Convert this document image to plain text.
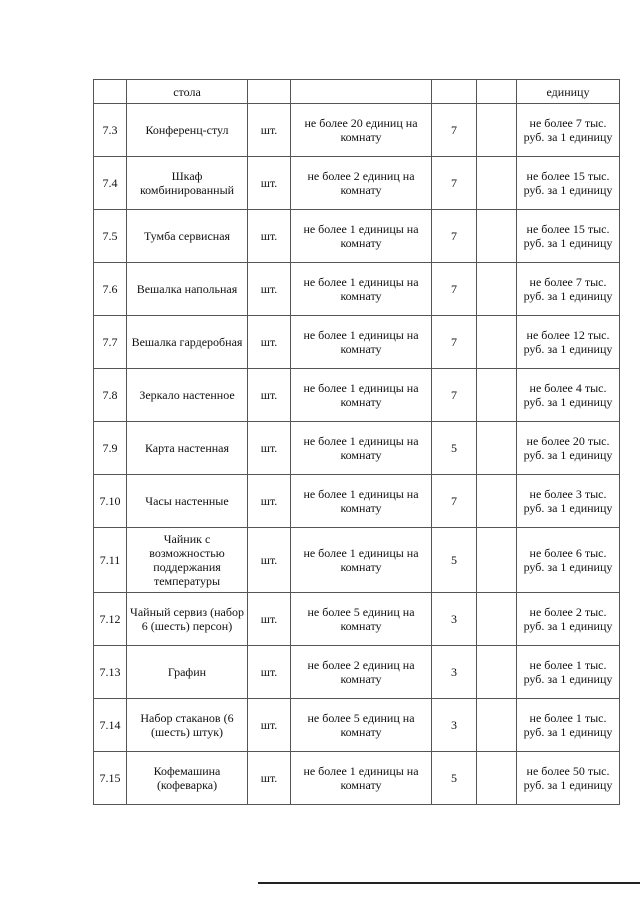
	стола					единицу
7.3	Конференц-стул	шт.	не более 20 единиц на комнату	7		не более 7 тыс. руб. за 1 единицу
7.4	Шкаф комбинированный	шт.	не более 2 единиц на комнату	7		не более 15 тыс. руб. за 1 единицу
7.5	Тумба сервисная	шт.	не более 1 единицы на комнату	7		не более 15 тыс. руб. за 1 единицу
7.6	Вешалка напольная	шт.	не более 1 единицы на комнату	7		не более 7 тыс. руб. за 1 единицу
7.7	Вешалка гардеробная	шт.	не более 1 единицы на комнату	7		не более 12 тыс. руб. за 1 единицу
7.8	Зеркало настенное	шт.	не более 1 единицы на комнату	7		не более 4 тыс. руб. за 1 единицу
7.9	Карта настенная	шт.	не более 1 единицы на комнату	5		не более 20 тыс. руб. за 1 единицу
7.10	Часы настенные	шт.	не более 1 единицы на комнату	7		не более 3 тыс. руб. за 1 единицу
7.11	Чайник с возможностью поддержания температуры	шт.	не более 1 единицы на комнату	5		не более 6 тыс. руб. за 1 единицу
7.12	Чайный сервиз (набор 6 (шесть) персон)	шт.	не более 5 единиц на комнату	3		не более 2 тыс. руб. за 1 единицу
7.13	Графин	шт.	не более 2 единиц на комнату	3		не более 1 тыс. руб. за 1 единицу
7.14	Набор стаканов (6 (шесть) штук)	шт.	не более 5 единиц на комнату	3		не более 1 тыс. руб. за 1 единицу
7.15	Кофемашина (кофеварка)	шт.	не более 1 единицы на комнату	5		не более 50 тыс. руб. за 1 единицу
